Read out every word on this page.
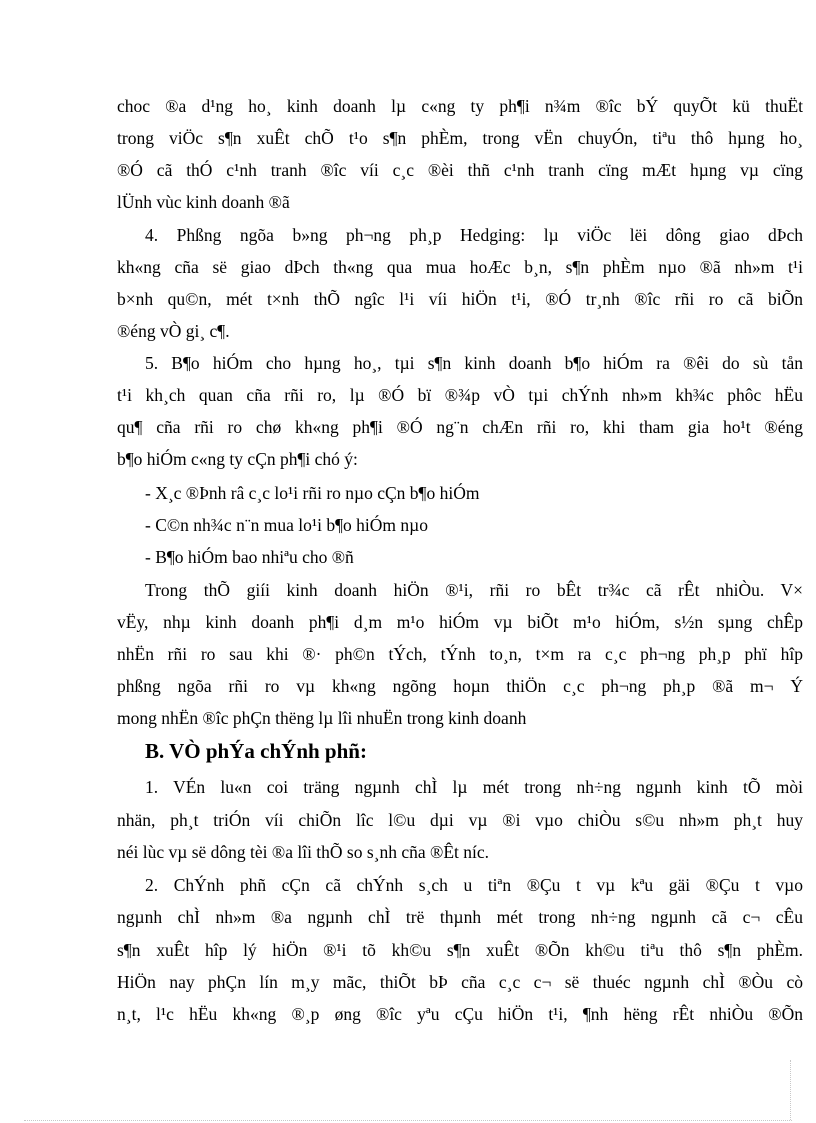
choc ®a d¹ng ho¸ kinh doanh lµ c«ng ty ph¶i n¾m ®îc bÝ quyÕt kü thuËt
trong viÖc s¶n xuÊt chÕ t¹o s¶n phÈm, trong vËn chuyÓn, tiªu thô hµng ho¸
®Ó cã thÓ c¹nh tranh ®îc víi c¸c ®èi thñ c¹nh tranh cïng mÆt hµng vµ cïng
lÜnh vùc kinh doanh ®ã
4. Phßng ngõa b»ng ph¬ng ph¸p Hedging: lµ viÖc lëi dông giao dÞch
kh«ng cña së giao dÞch th«ng qua mua hoÆc b¸n, s¶n phÈm nµo ®ã nh»m t¹i
b×nh qu©n, mét t×nh thÕ ngîc l¹i víi hiÖn t¹i, ®Ó tr¸nh ®îc rñi ro cã biÕn
®éng vÒ gi¸ c¶.
5. B¶o hiÓm cho hµng ho¸, tµi s¶n kinh doanh b¶o hiÓm ra ®êi do sù tån
t¹i kh¸ch quan cña rñi ro, lµ ®Ó bï ®¾p vÒ tµi chÝnh nh»m kh¾c phôc hËu
qu¶ cña rñi ro chø kh«ng ph¶i ®Ó ng¨n chÆn rñi ro, khi tham gia ho¹t ®éng
b¶o hiÓm c«ng ty cÇn ph¶i chó ý:
- X¸c ®Þnh râ c¸c lo¹i rñi ro nµo cÇn b¶o hiÓm
- C©n nh¾c n¨n mua lo¹i b¶o hiÓm nµo
- B¶o hiÓm bao nhiªu cho ®ñ
Trong thÕ giíi kinh doanh hiÖn ®¹i, rñi ro bÊt tr¾c cã rÊt nhiÒu. V×
vËy, nhµ kinh doanh ph¶i d¸m m¹o hiÓm vµ biÕt m¹o hiÓm, s½n sµng chÊp
nhËn rñi ro sau khi ®· ph©n tÝch, tÝnh to¸n, t×m ra c¸c ph¬ng ph¸p phï hîp
phßng ngõa rñi ro vµ kh«ng ngõng hoµn thiÖn c¸c ph¬ng ph¸p ®ã m¬ Ý
mong nhËn ®îc phÇn thëng lµ lîi nhuËn trong kinh doanh
B. VÒ phÝa chÝnh phñ:
1. VÉn lu«n coi träng ngµnh chÌ lµ mét trong nh÷ng ngµnh kinh tÕ mòi
nhän, ph¸t triÓn víi chiÕn lîc l©u dµi vµ ®i vµo chiÒu s©u nh»m ph¸t huy
néi lùc vµ së dông tèi ®a lîi thÕ so s¸nh cña ®Êt níc.
2. ChÝnh phñ cÇn cã chÝnh s¸ch u tiªn ®Çu t vµ kªu gäi ®Çu t vµo
ngµnh chÌ nh»m ®a ngµnh chÌ trë thµnh mét trong nh÷ng ngµnh cã c¬ cÊu
s¶n xuÊt hîp lý hiÖn ®¹i tõ kh©u s¶n xuÊt ®Õn kh©u tiªu thô s¶n phÈm.
HiÖn nay phÇn lín m¸y mãc, thiÕt bÞ cña c¸c c¬ së thuéc ngµnh chÌ ®Òu cò
n¸t, l¹c hËu kh«ng ®¸p øng ®îc yªu cÇu hiÖn t¹i, ¶nh hëng rÊt nhiÒu ®Õn
